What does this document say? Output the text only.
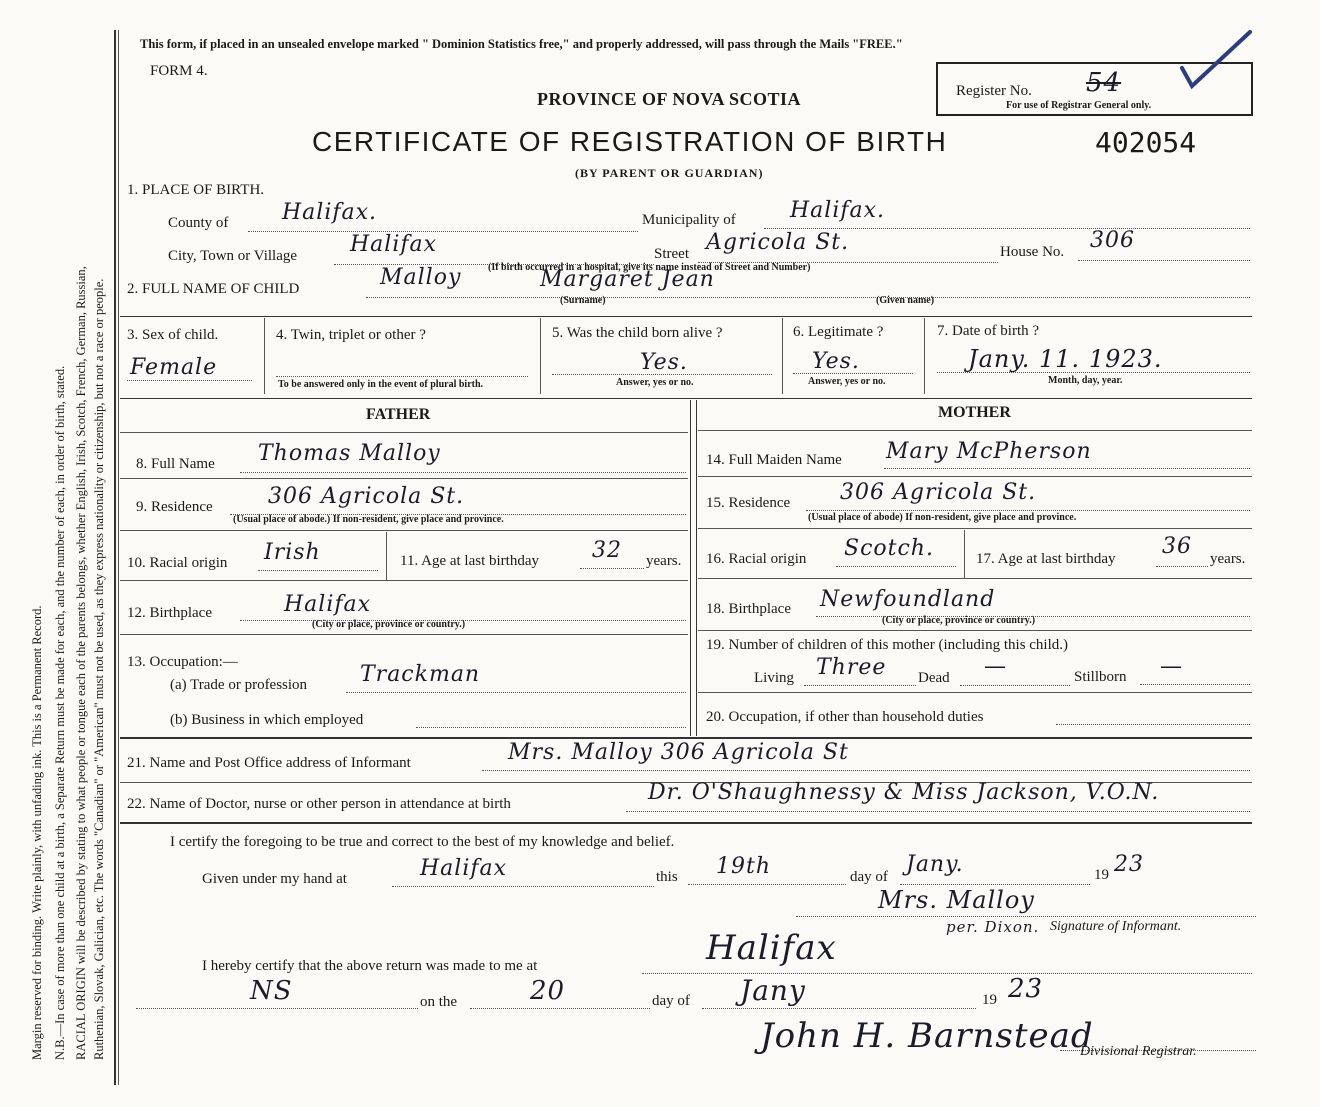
Margin reserved for binding. Write plainly, with unfading ink. This is a Permanent Record. N.B.—In case of more than one child at a birth, a Separate Return must be made for each, and the number of each, in order of birth, stated. RACIAL ORIGIN will be described by stating to what people or tongue each of the parents belongs, whether English, Irish, Scotch, French, German, Russian, Ruthenian, Slovak, Galician, etc. The words "Canadian" or "American" must not be used, as they express nationality or citizenship, but not a race or people.
This form, if placed in an unsealed envelope marked " Dominion Statistics free," and properly addressed, will pass through the Mails "FREE."
FORM 4.
PROVINCE OF NOVA SCOTIA
CERTIFICATE OF REGISTRATION OF BIRTH	402054
(BY PARENT OR GUARDIAN)
Register No. 54
For use of Registrar General only.
1. PLACE OF BIRTH.
County of Halifax.	Municipality of Halifax.
City, Town or Village Halifax	Street Agricola St.	House No. 306
(If birth occurred in a hospital, give its name instead of Street and Number)
2. FULL NAME OF CHILD	Malloy	Margaret Jean
(Surname)	(Given name)
3. Sex of child.
Female
4. Twin, triplet or other ?
To be answered only in the event of plural birth.
5. Was the child born alive ?
Yes.
Answer, yes or no.
6. Legitimate ?
Yes.
Answer, yes or no.
7. Date of birth ?
Jany. 11. 1923.
Month, day, year.
FATHER
8. Full Name Thomas Malloy
9. Residence	306 Agricola St.
(Usual place of abode.) If non-resident, give place and province.
10. Racial origin Irish	11. Age at last birthday 32 years.
12. Birthplace	Halifax
(City or place, province or country.)
13. Occupation:—
(a) Trade or profession Trackman
(b) Business in which employed
MOTHER
14. Full Maiden Name Mary McPherson
15. Residence 306 Agricola St.
(Usual place of abode) If non-resident, give place and province.
16. Racial origin Scotch.	17. Age at last birthday 36 years.
18. Birthplace Newfoundland
(City or place, province or country.)
19. Number of children of this mother (including this child.)
Living Three Dead —	Stillborn —
20. Occupation, if other than household duties
21. Name and Post Office address of Informant	Mrs. Malloy 306 Agricola St
22. Name of Doctor, nurse or other person in attendance at birth	Dr. O'Shaughnessy & Miss Jackson, V.O.N.
I certify the foregoing to be true and correct to the best of my knowledge and belief.
Given under my hand at	Halifax	this 19th	day of Jany.	19 23
Mrs. Malloy
per. Dixon. Signature of Informant.
I hereby certify that the above return was made to me at	Halifax
NS	on the	20	day of Jany	19 23
John H. Barnstead
Divisional Registrar.
